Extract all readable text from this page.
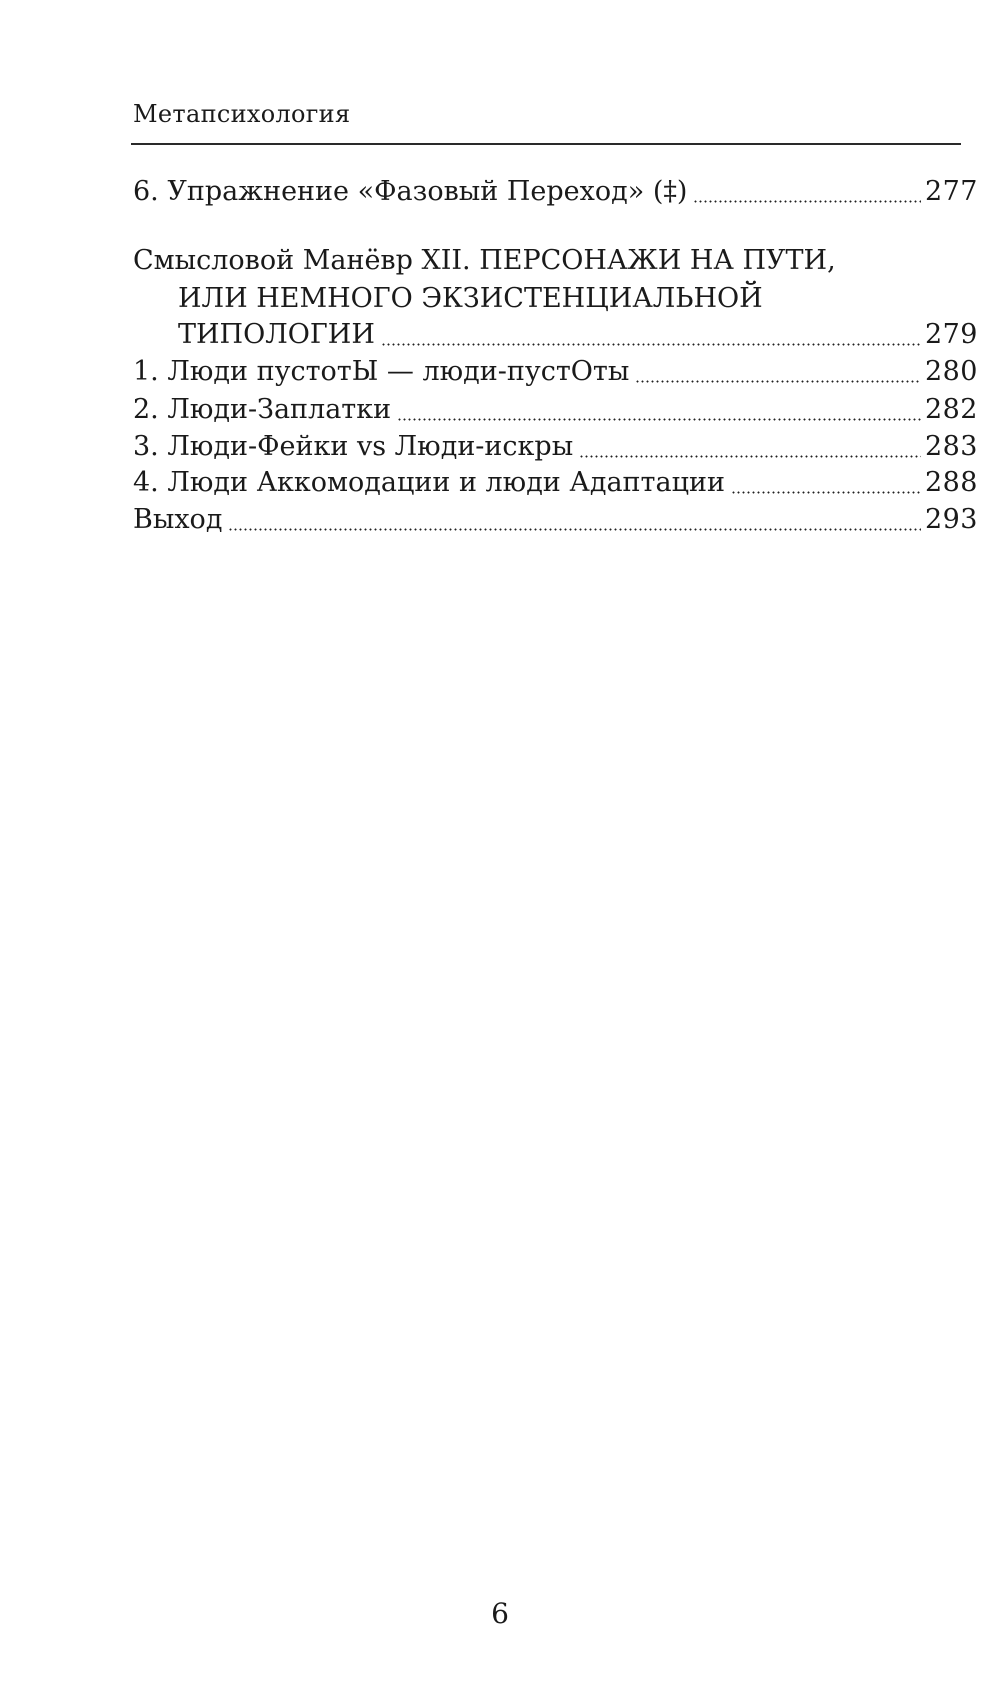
Метапсихология
6. Упражнение «Фазовый Переход» (‡)	277
Смысловой Манёвр XII. ПЕРСОНАЖИ НА ПУТИ,
ИЛИ НЕМНОГО ЭКЗИСТЕНЦИАЛЬНОЙ
ТИПОЛОГИИ	279
1. Люди пустотЫ — люди-пустОты	280
2. Люди-Заплатки	282
3. Люди-Фейки vs Люди-искры	283
4. Люди Аккомодации и люди Адаптации	288
Выход	293
6
